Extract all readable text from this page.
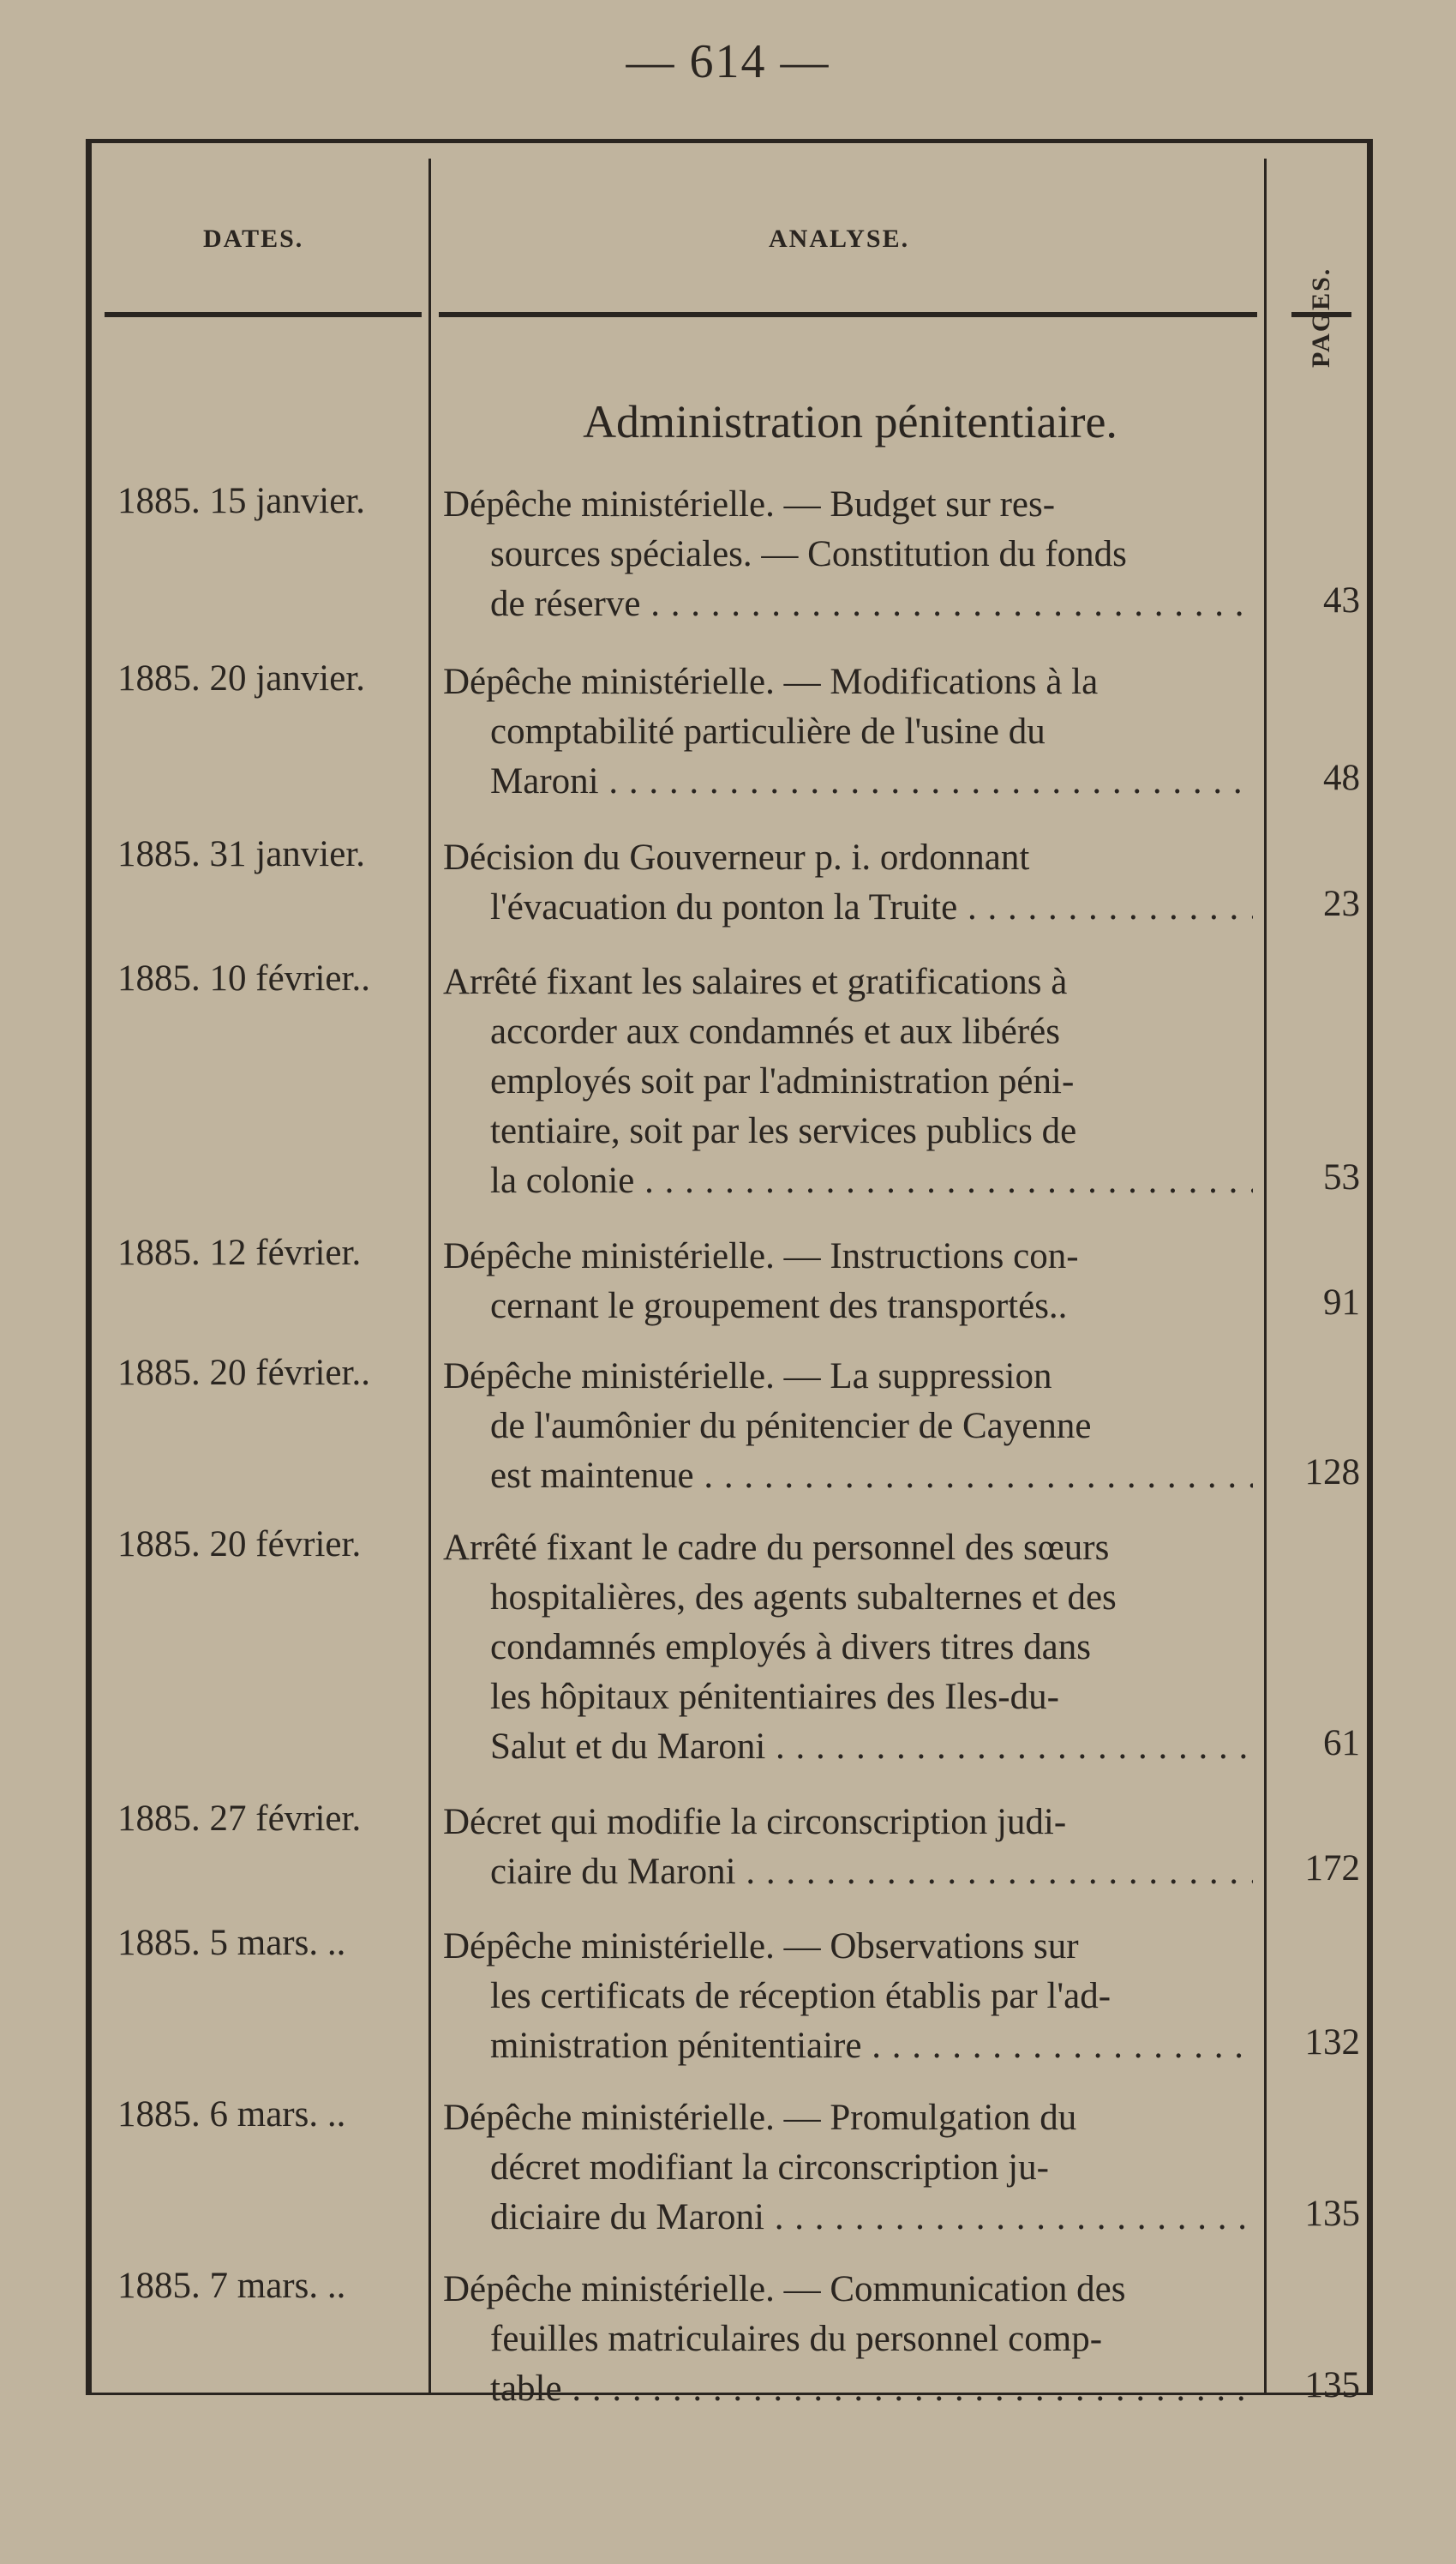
— 614 —
DATES.	ANALYSE.
PAGES.
Administration pénitentiaire.
1885. 15 janvier.	Dépêche ministérielle. — Budget sur res-
sources spéciales. — Constitution du fonds
de réserve . . .	43
1885. 20 janvier.	Dépêche ministérielle. — Modifications à la
comptabilité particulière de l'usine du
Maroni . . .	48
1885. 31 janvier.	Décision du Gouverneur p. i. ordonnant
l'évacuation du ponton la Truite . . .	23
1885. 10 février..	Arrêté fixant les salaires et gratifications à
accorder aux condamnés et aux libérés
employés soit par l'administration péni-
tentiaire, soit par les services publics de
la colonie . . .	53
1885. 12 février.	Dépêche ministérielle. — Instructions con-
cernant le groupement des transportés..	91
1885. 20 février..	Dépêche ministérielle. — La suppression
de l'aumônier du pénitencier de Cayenne
est maintenue . . .	128
1885. 20 février.	Arrêté fixant le cadre du personnel des sœurs
hospitalières, des agents subalternes et des
condamnés employés à divers titres dans
les hôpitaux pénitentiaires des Iles-du-
Salut et du Maroni . . .	61
1885. 27 février.	Décret qui modifie la circonscription judi-
ciaire du Maroni . . .	172
1885. 5 mars. ..	Dépêche ministérielle. — Observations sur
les certificats de réception établis par l'ad-
ministration pénitentiaire . . .	132
1885. 6 mars. ..	Dépêche ministérielle. — Promulgation du
décret modifiant la circonscription ju-
diciaire du Maroni . . .	135
1885. 7 mars. ..	Dépêche ministérielle. — Communication des
feuilles matriculaires du personnel comp-
table . . .	135
